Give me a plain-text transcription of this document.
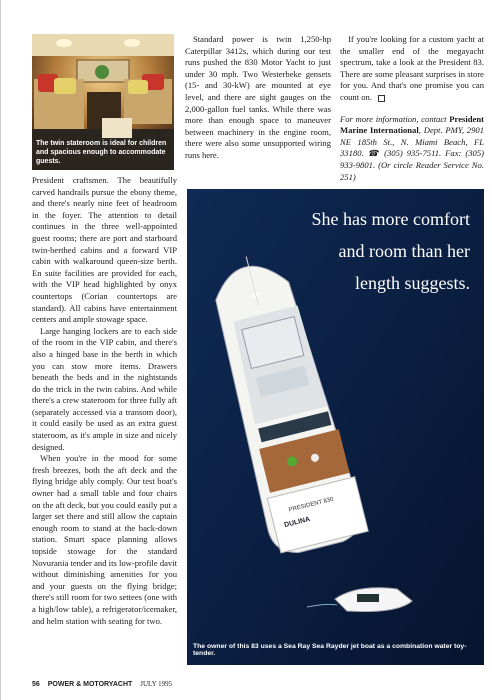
The twin stateroom is ideal for children and spacious enough to accommodate guests.

President craftsmen. The beautifully carved handrails pursue the ebony theme, and there's nearly nine feet of headroom in the foyer. The attention to detail continues in the three well-appointed guest rooms; there are port and starboard twin-berthed cabins and a forward VIP cabin with walkaround queen-size berth. En suite facilities are provided for each, with the VIP head highlighted by onyx countertops (Corian countertops are standard). All cabins have entertainment centers and ample stowage space.

Large hanging lockers are to each side of the room in the VIP cabin, and there's also a hinged base in the berth in which you can stow more items. Drawers beneath the beds and in the nightstands do the trick in the twin cabins. And while there's a crew stateroom for three fully aft (separately accessed via a transom door), it could easily be used as an extra guest stateroom, as it's ample in size and nicely designed.

When you're in the mood for some fresh breezes, both the aft deck and the flying bridge ably comply. Our test boat's owner had a small table and four chairs on the aft deck, but you could easily put a larger set there and still allow the captain enough room to stand at the back-down station. Smart space planning allows topside stowage for the standard Novurania tender and its low-profile davit without diminishing amenities for you and your guests on the flying bridge; there's still room for two settees (one with a high/low table), a refrigerator/icemaker, and helm station with seating for two.

Standard power is twin 1,250-hp Caterpillar 3412s, which during our test runs pushed the 830 Motor Yacht to just under 30 mph. Two Westerbeke gensets (15- and 30-kW) are mounted at eye level, and there are sight gauges on the 2,000-gallon fuel tanks. While there was more than enough space to maneuver between machinery in the engine room, there were also some unsupported wiring runs here.

If you're looking for a custom yacht at the smaller end of the megayacht spectrum, take a look at the President 83. There are some pleasant surprises in store for you. And that's one promise you can count on.

For more information, contact President Marine International, Dept. PMY, 2901 NE 185th St., N. Miami Beach, FL 33180. ☎ (305) 935-7511. Fax: (305) 933-9801. (Or circle Reader Service No. 251)

PRESIDENT 830
DULINA
She has more comfort and room than her length suggests.
The owner of this 83 uses a Sea Ray Sea Rayder jet boat as a combination water toy-tender.
56 POWER & MOTORYACHT JULY 1995
